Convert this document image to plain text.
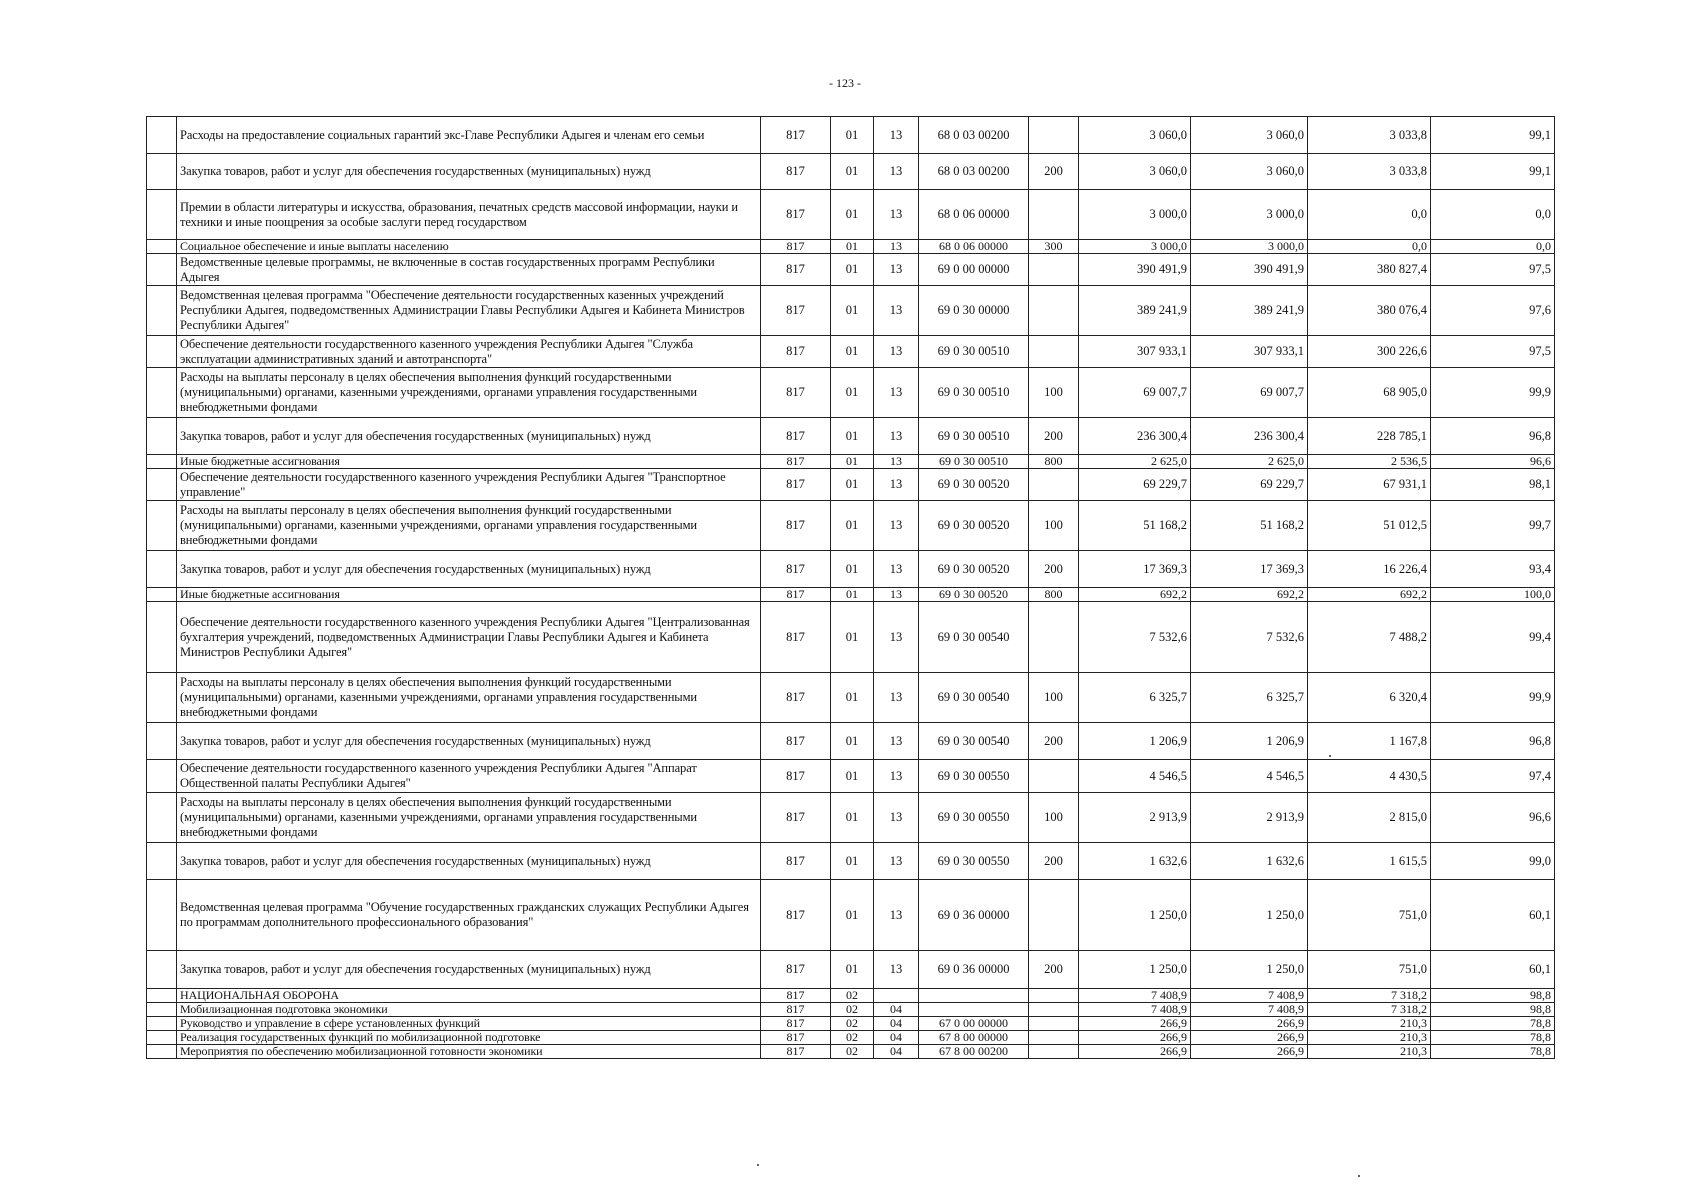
- 123 -
	Расходы на предоставление социальных гарантий экс-Главе Республики Адыгея и членам его семьи	817	01	13	68 0 03 00200		3 060,0	3 060,0	3 033,8	99,1
	Закупка товаров, работ и услуг для обеспечения государственных (муниципальных) нужд	817	01	13	68 0 03 00200	200	3 060,0	3 060,0	3 033,8	99,1
	Премии в области литературы и искусства, образования, печатных средств массовой информации, науки и техники и иные поощрения за особые заслуги перед государством	817	01	13	68 0 06 00000		3 000,0	3 000,0	0,0	0,0
	Социальное обеспечение и иные выплаты населению	817	01	13	68 0 06 00000	300	3 000,0	3 000,0	0,0	0,0
	Ведомственные целевые программы, не включенные в состав государственных программ Республики Адыгея	817	01	13	69 0 00 00000		390 491,9	390 491,9	380 827,4	97,5
	Ведомственная целевая программа "Обеспечение деятельности государственных казенных учреждений Республики Адыгея, подведомственных Администрации Главы Республики Адыгея и Кабинета Министров Республики Адыгея"	817	01	13	69 0 30 00000		389 241,9	389 241,9	380 076,4	97,6
	Обеспечение деятельности государственного казенного учреждения Республики Адыгея "Служба эксплуатации административных зданий и автотранспорта"	817	01	13	69 0 30 00510		307 933,1	307 933,1	300 226,6	97,5
	Расходы на выплаты персоналу в целях обеспечения выполнения функций государственными (муниципальными) органами, казенными учреждениями, органами управления государственными внебюджетными фондами	817	01	13	69 0 30 00510	100	69 007,7	69 007,7	68 905,0	99,9
	Закупка товаров, работ и услуг для обеспечения государственных (муниципальных) нужд	817	01	13	69 0 30 00510	200	236 300,4	236 300,4	228 785,1	96,8
	Иные бюджетные ассигнования	817	01	13	69 0 30 00510	800	2 625,0	2 625,0	2 536,5	96,6
	Обеспечение деятельности государственного казенного учреждения Республики Адыгея "Транспортное управление"	817	01	13	69 0 30 00520		69 229,7	69 229,7	67 931,1	98,1
	Расходы на выплаты персоналу в целях обеспечения выполнения функций государственными (муниципальными) органами, казенными учреждениями, органами управления государственными внебюджетными фондами	817	01	13	69 0 30 00520	100	51 168,2	51 168,2	51 012,5	99,7
	Закупка товаров, работ и услуг для обеспечения государственных (муниципальных) нужд	817	01	13	69 0 30 00520	200	17 369,3	17 369,3	16 226,4	93,4
	Иные бюджетные ассигнования	817	01	13	69 0 30 00520	800	692,2	692,2	692,2	100,0
	Обеспечение деятельности государственного казенного учреждения Республики Адыгея "Централизованная бухгалтерия учреждений, подведомственных Администрации Главы Республики Адыгея и Кабинета Министров Республики Адыгея"	817	01	13	69 0 30 00540		7 532,6	7 532,6	7 488,2	99,4
	Расходы на выплаты персоналу в целях обеспечения выполнения функций государственными (муниципальными) органами, казенными учреждениями, органами управления государственными внебюджетными фондами	817	01	13	69 0 30 00540	100	6 325,7	6 325,7	6 320,4	99,9
	Закупка товаров, работ и услуг для обеспечения государственных (муниципальных) нужд	817	01	13	69 0 30 00540	200	1 206,9	1 206,9	1 167,8	96,8
	Обеспечение деятельности государственного казенного учреждения Республики Адыгея "Аппарат Общественной палаты Республики Адыгея"	817	01	13	69 0 30 00550		4 546,5	4 546,5	4 430,5	97,4
	Расходы на выплаты персоналу в целях обеспечения выполнения функций государственными (муниципальными) органами, казенными учреждениями, органами управления государственными внебюджетными фондами	817	01	13	69 0 30 00550	100	2 913,9	2 913,9	2 815,0	96,6
	Закупка товаров, работ и услуг для обеспечения государственных (муниципальных) нужд	817	01	13	69 0 30 00550	200	1 632,6	1 632,6	1 615,5	99,0
	Ведомственная целевая программа "Обучение государственных гражданских служащих Республики Адыгея по программам дополнительного профессионального образования"	817	01	13	69 0 36 00000		1 250,0	1 250,0	751,0	60,1
	Закупка товаров, работ и услуг для обеспечения государственных (муниципальных) нужд	817	01	13	69 0 36 00000	200	1 250,0	1 250,0	751,0	60,1
	НАЦИОНАЛЬНАЯ ОБОРОНА	817	02				7 408,9	7 408,9	7 318,2	98,8
	Мобилизационная подготовка экономики	817	02	04			7 408,9	7 408,9	7 318,2	98,8
	Руководство и управление в сфере установленных функций	817	02	04	67 0 00 00000		266,9	266,9	210,3	78,8
	Реализация государственных функций по мобилизационной подготовке	817	02	04	67 8 00 00000		266,9	266,9	210,3	78,8
	Мероприятия по обеспечению мобилизационной готовности экономики	817	02	04	67 8 00 00200		266,9	266,9	210,3	78,8
